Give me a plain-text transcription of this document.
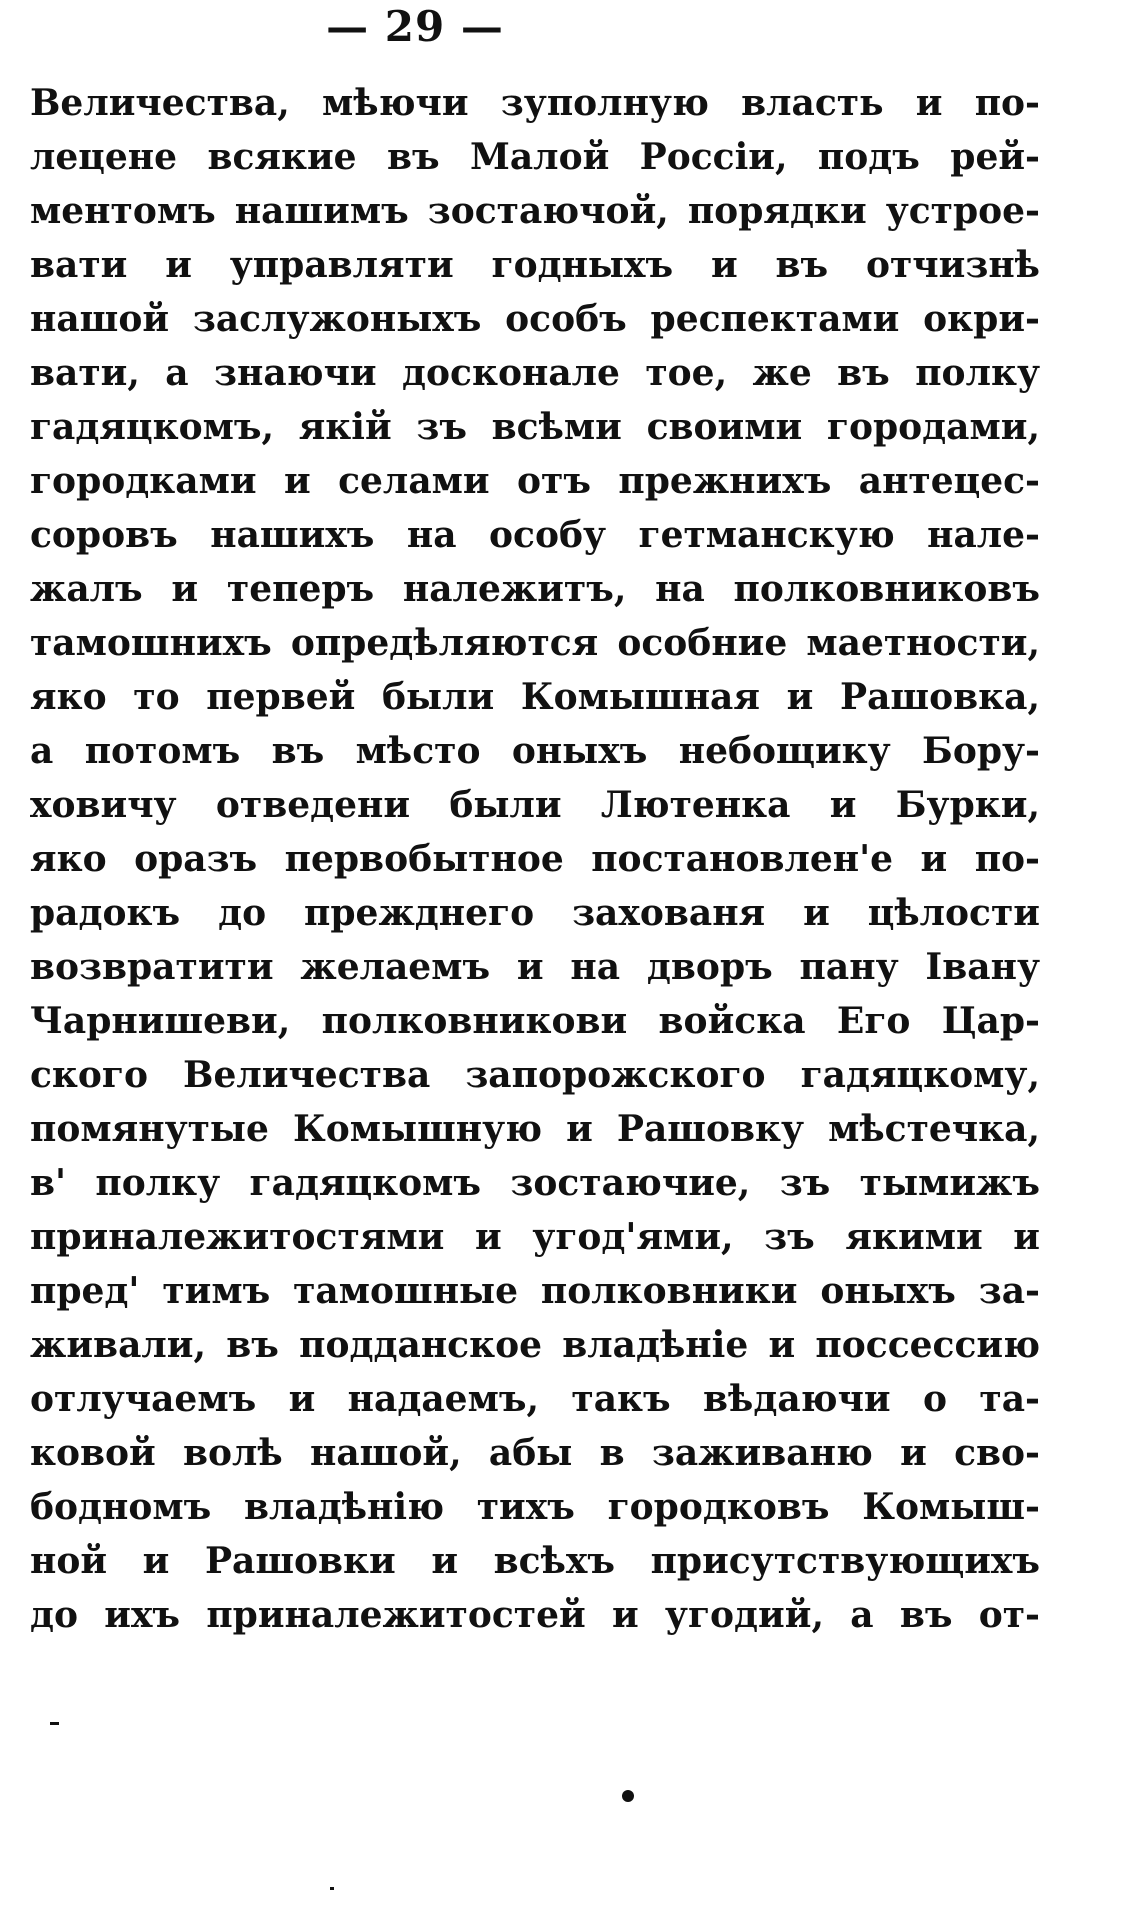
— 29 —
Величества, мѣючи зуполную власть и по-
лецене всякие въ Малой Россіи, подъ рей-
ментомъ нашимъ зостаючой, порядки устрое-
вати и управляти годныхъ и въ отчизнѣ
нашой заслужоныхъ особъ респектами окри-
вати, а знаючи досконале тое, же въ полку
гадяцкомъ, якій зъ всѣми своими городами,
городками и селами отъ прежнихъ антецес-
соровъ нашихъ на особу гетманскую нале-
жалъ и теперъ належитъ, на полковниковъ
тамошнихъ опредѣляются особние маетности,
яко то первей были Комышная и Рашовка,
а потомъ въ мѣсто оныхъ небощику Бору-
ховичу отведени были Лютенка и Бурки,
яко оразъ первобытное постановлен'е и по-
радокъ до прежднего захованя и цѣлости
возвратити желаемъ и на дворъ пану Івану
Чарнишеви, полковникови войска Его Цар-
ского Величества запорожского гадяцкому,
помянутые Комышную и Рашовку мѣстечка,
в' полку гадяцкомъ зостаючие, зъ тымижъ
приналежитостями и угод'ями, зъ якими и
пред' тимъ тамошные полковники оныхъ за-
живали, въ подданское владѣніе и поссессию
отлучаемъ и надаемъ, такъ вѣдаючи о та-
ковой волѣ нашой, абы в заживаню и сво-
бодномъ владѣнію тихъ городковъ Комыш-
ной и Рашовки и всѣхъ присутствующихъ
до ихъ приналежитостей и угодий, а въ от-
